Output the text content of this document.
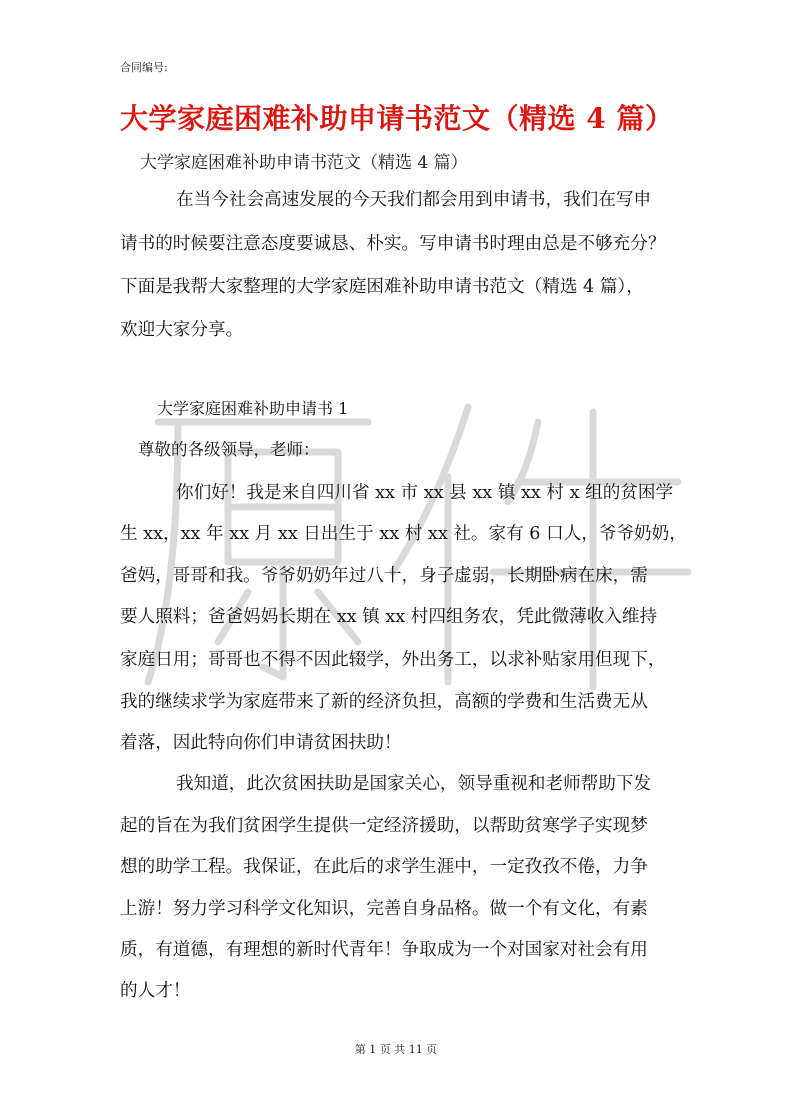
合同编号:
大学家庭困难补助申请书范文（精选 4 篇）
大学家庭困难补助申请书范文（精选 4 篇）
在当今社会高速发展的今天我们都会用到申请书，我们在写申
请书的时候要注意态度要诚恳、朴实。写申请书时理由总是不够充分？
下面是我帮大家整理的大学家庭困难补助申请书范文（精选 4 篇），
欢迎大家分享。
大学家庭困难补助申请书 1
尊敬的各级领导，老师：
你们好！我是来自四川省 xx 市 xx 县 xx 镇 xx 村 x 组的贫困学
生 xx，xx 年 xx 月 xx 日出生于 xx 村 xx 社。家有 6 口人，爷爷奶奶，
爸妈，哥哥和我。爷爷奶奶年过八十，身子虚弱，长期卧病在床，需
要人照料；爸爸妈妈长期在 xx 镇 xx 村四组务农，凭此微薄收入维持
家庭日用；哥哥也不得不因此辍学，外出务工，以求补贴家用但现下，
我的继续求学为家庭带来了新的经济负担，高额的学费和生活费无从
着落，因此特向你们申请贫困扶助！
我知道，此次贫困扶助是国家关心，领导重视和老师帮助下发
起的旨在为我们贫困学生提供一定经济援助，以帮助贫寒学子实现梦
想的助学工程。我保证，在此后的求学生涯中，一定孜孜不倦，力争
上游！努力学习科学文化知识，完善自身品格。做一个有文化，有素
质，有道德，有理想的新时代青年！争取成为一个对国家对社会有用
的人才！
第 1 页 共 11 页
